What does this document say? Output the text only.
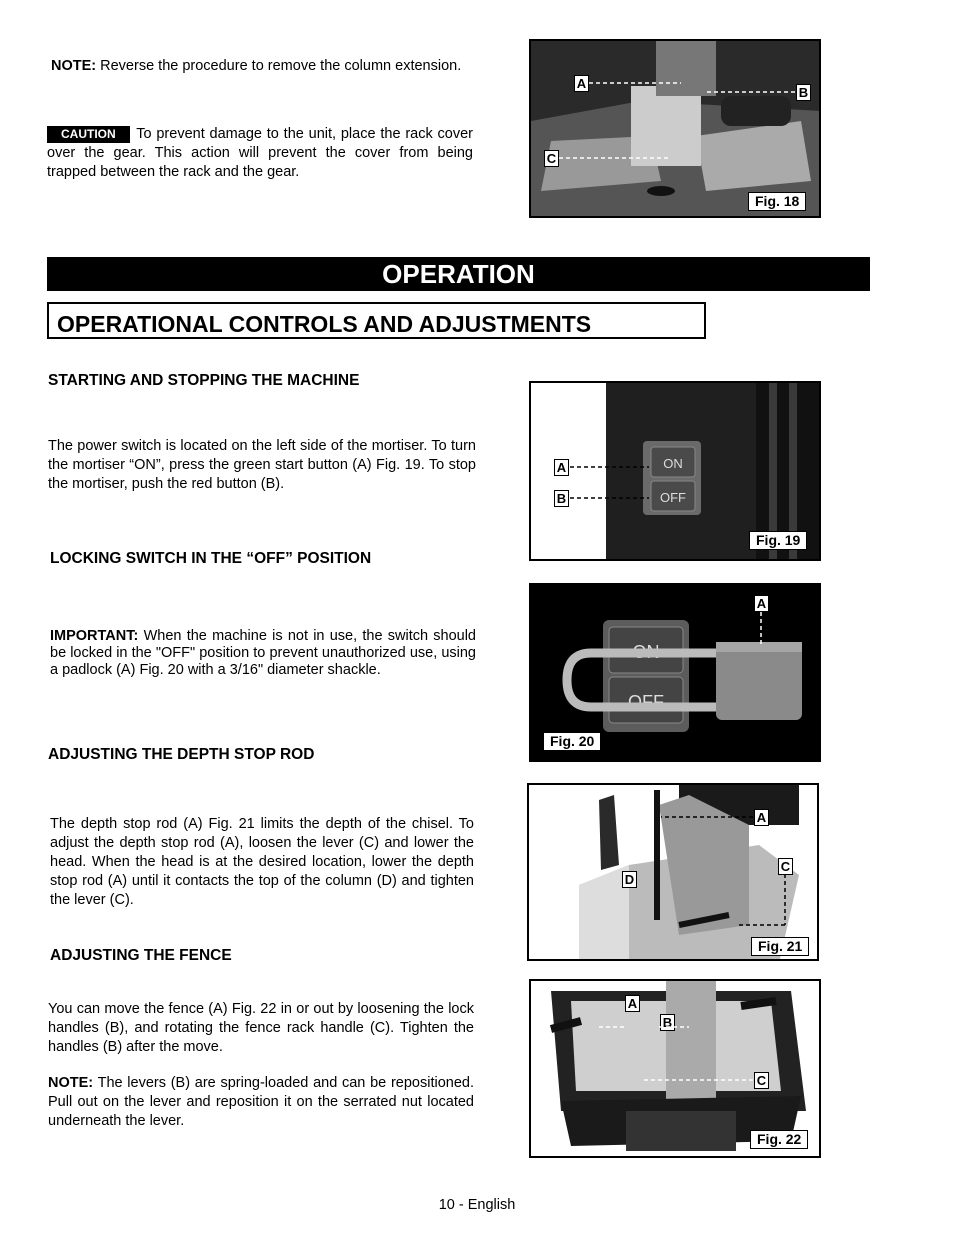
NOTE: Reverse the procedure to remove the column extension.
CAUTION To prevent damage to the unit, place the rack cover over the gear. This action will prevent the cover from being trapped between the rack and the gear.
A
B
C
Fig. 18
OPERATION
OPERATIONAL CONTROLS AND ADJUSTMENTS
STARTING AND STOPPING THE MACHINE
The power switch is located on the left side of the mortiser. To turn the mortiser “ON”, press the green start button (A) Fig. 19. To stop the mortiser, push the red button (B).
ON
OFF
A
B
Fig. 19
LOCKING SWITCH IN THE “OFF” POSITION
IMPORTANT: When the machine is not in use, the switch should be locked in the "OFF" position to prevent unauthorized use, using a padlock (A) Fig. 20 with a 3/16" diameter shackle.
ON
OFF
A
Fig. 20
ADJUSTING THE DEPTH STOP ROD
The depth stop rod (A) Fig. 21 limits the depth of the chisel. To adjust the depth stop rod (A), loosen the lever (C) and lower the head. When the head is at the desired location, lower the depth stop rod (A) until it contacts the top of the column (D) and tighten the lever (C).
A
C
D
Fig. 21
ADJUSTING THE FENCE
You can move the fence (A) Fig. 22 in or out by loosening the lock handles (B), and rotating the fence rack handle (C). Tighten the handles (B) after the move.
NOTE: The levers (B) are spring-loaded and can be repositioned. Pull out on the lever and reposition it on the serrated nut located underneath the lever.
A
B
C
Fig. 22
10 - English
